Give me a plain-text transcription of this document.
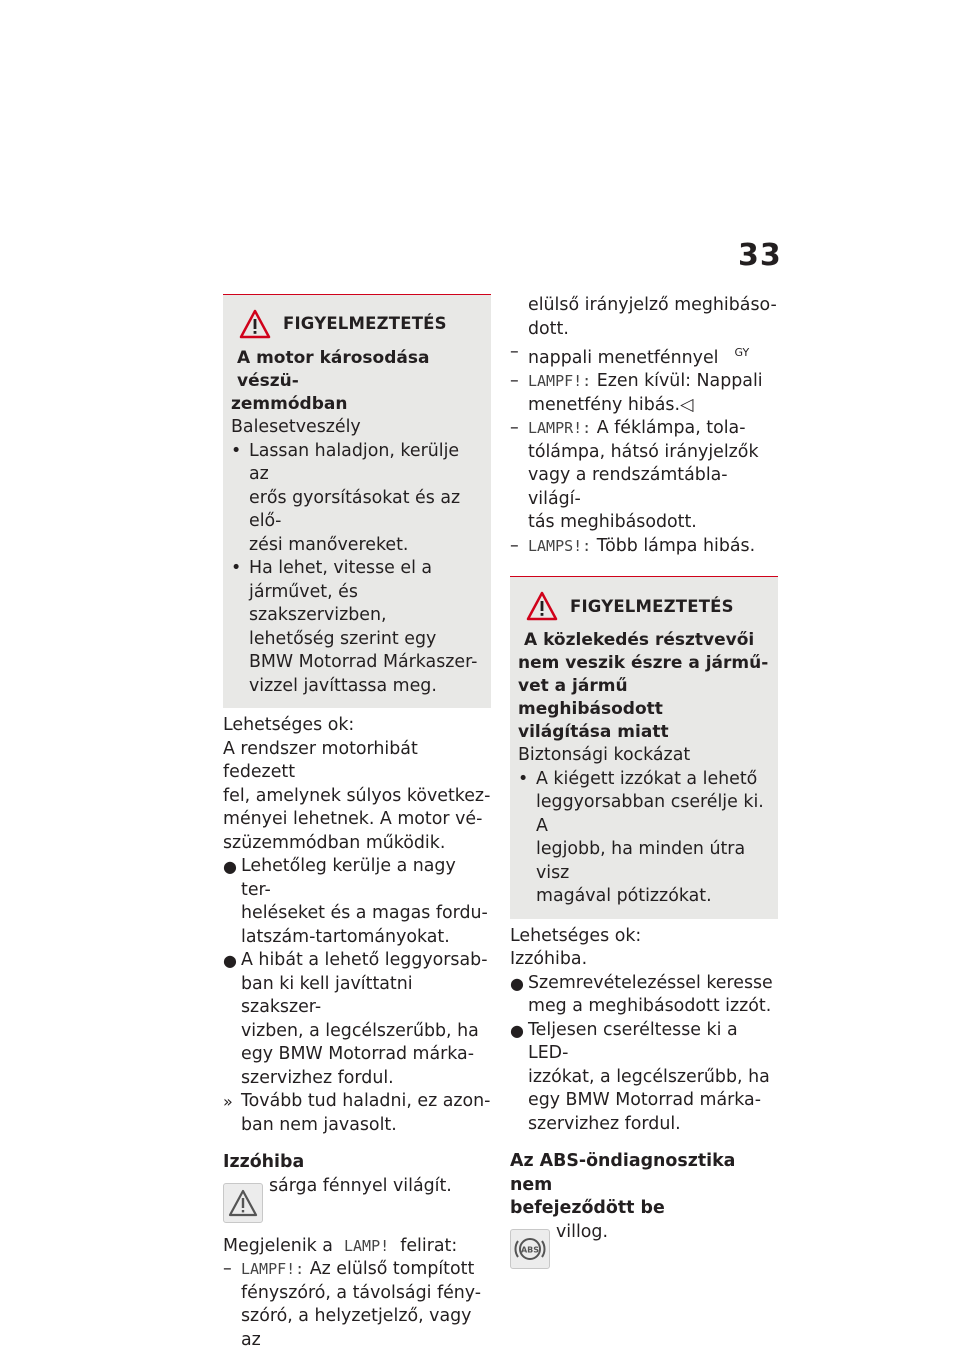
33
FIGYELMEZTETÉS
A motor károsodása vészü-
zemmódban

Balesetveszély

• Lassan haladjon, kerülje az
erős gyorsításokat és az elő-
zési manővereket.
• Ha lehet, vitesse el a
járművet, és szakszervizben,
lehetőség szerint egy
BMW Motorrad Márkaszer-
vizzel javíttassa meg.

Lehetséges ok:

A rendszer motorhibát fedezett
fel, amelynek súlyos következ-
ményei lehetnek. A motor vé-
szüzemmódban működik.
● Lehetőleg kerülje a nagy ter-
heléseket és a magas fordu-
latszám-tartományokat.
● A hibát a lehető leggyorsab-
ban ki kell javíttatni szakszer-
vizben, a legcélszerűbb, ha
egy BMW Motorrad márka-
szervizhez fordul.
» Tovább tud haladni, ez azon-
ban nem javasolt.
Izzóhiba
sárga fénnyel világít.

Megjelenik a LAMP! felirat:

– LAMPF!: Az elülső tompított
fényszóró, a távolsági fény-
szóró, a helyzetjelző, vagy az
elülső irányjelző meghibáso-
dott.
– nappali menetfénnyel $^{GY}$
– LAMPF!: Ezen kívül: Nappali
menetfény hibás.◁
– LAMPR!: A féklámpa, tola-
tólámpa, hátsó irányjelzők
vagy a rendszámtábla-világí-
tás meghibásodott.
– LAMPS!: Több lámpa hibás.
FIGYELMEZTETÉS
A közlekedés résztvevői
nem veszik észre a jármű-
vet a jármű meghibásodott
világítása miatt

Biztonsági kockázat

• A kiégett izzókat a lehető
leggyorsabban cserélje ki. A
legjobb, ha minden útra visz
magával pótizzókat.

Lehetséges ok:

Izzóhiba.

● Szemrevételezéssel keresse
meg a meghibásodott izzót.
● Teljesen cseréltesse ki a LED-
izzókat, a legcélszerűbb, ha
egy BMW Motorrad márka-
szervizhez fordul.
Az ABS-öndiagnosztika nem
befejeződött be
ABS
villog.
